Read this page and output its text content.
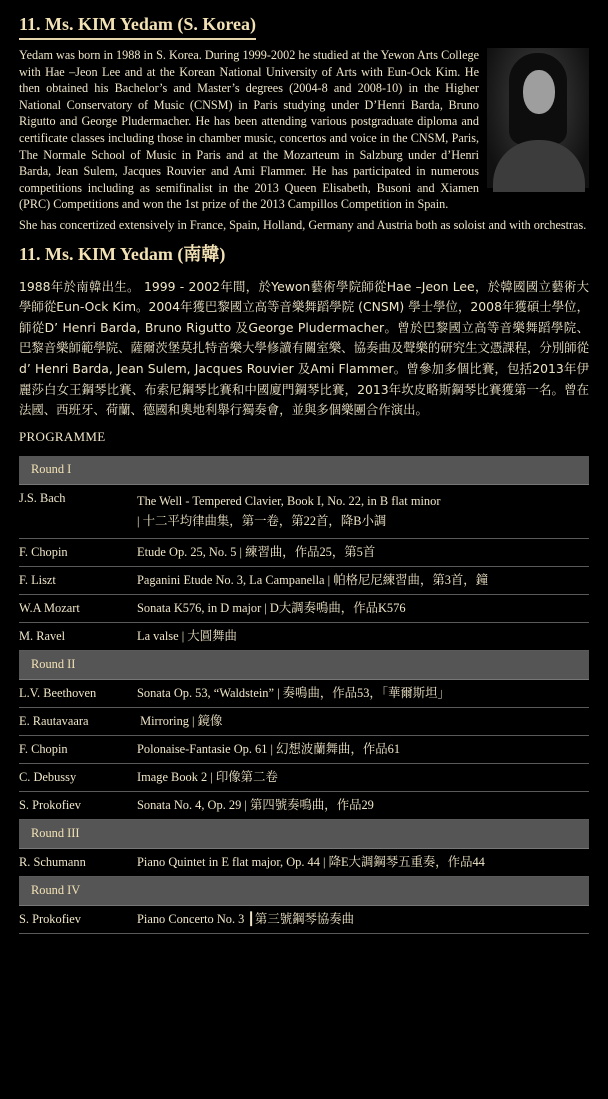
11. Ms. KIM Yedam (S. Korea)
Yedam was born in 1988 in S. Korea. During 1999-2002 he studied at the Yewon Arts College with Hae –Jeon Lee and at the Korean National University of Arts with Eun-Ock Kim. He then obtained his Bachelor’s and Master’s degrees (2004-8 and 2008-10) in the Higher National Conservatory of Music (CNSM) in Paris studying under D’Henri Barda, Bruno Rigutto and George Pludermacher. He has been attending various postgraduate diploma and certificate classes including those in chamber music, concertos and voice in the CNSM, Paris, The Normale School of Music in Paris and at the Mozarteum in Salzburg under d’Henri Barda, Jean Sulem, Jacques Rouvier and Ami Flammer. He has participated in numerous competitions including as semifinalist in the 2013 Queen Elisabeth, Busoni and Xiamen (PRC) Competitions and won the 1st prize of the 2013 Campillos Competition in Spain.
She has concertized extensively in France, Spain, Holland, Germany and Austria both as soloist and with orchestras.
11. Ms. KIM Yedam (南韓)
1988年於南韓出生。 1999 - 2002年間，於Yewon藝術學院師從Hae –Jeon Lee，於韓國國立藝術大學師從Eun-Ock Kim。2004年獲巴黎國立高等音樂舞蹈學院 (CNSM) 學士學位，2008年獲碩士學位，師從D’ Henri Barda, Bruno Rigutto 及George Pludermacher。曾於巴黎國立高等音樂舞蹈學院、巴黎音樂師範學院、薩爾茨堡莫扎特音樂大學修讀有關室樂、協奏曲及聲樂的研究生文憑課程，分別師從d’ Henri Barda, Jean Sulem, Jacques Rouvier 及Ami Flammer。曾參加多個比賽，包括2013年伊麗莎白女王鋼琴比賽、布索尼鋼琴比賽和中國廈門鋼琴比賽，2013年坎皮略斯鋼琴比賽獲第一名。曾在法國、西班牙、荷蘭、德國和奧地利舉行獨奏會，並與多個樂團合作演出。
PROGRAMME
Round I	
J.S. Bach	The Well - Tempered Clavier, Book I, No. 22, in B flat minor
| 十二平均律曲集，第一卷，第22首，降B小調

F. Chopin	Etude Op. 25, No. 5 | 練習曲，作品25，第5首
F. Liszt	Paganini Etude No. 3, La Campanella | 帕格尼尼練習曲，第3首，鐘
W.A Mozart	Sonata K576, in D major | D大調奏鳴曲，作品K576
M. Ravel	La valse | 大圓舞曲
Round II	
L.V. Beethoven	Sonata Op. 53, “Waldstein” | 奏鳴曲，作品53，「華爾斯坦」
E. Rautavaara	Mirroring | 鏡像
F. Chopin	Polonaise-Fantasie Op. 61 | 幻想波蘭舞曲，作品61
C. Debussy	Image Book 2 | 印像第二卷
S. Prokofiev	Sonata No. 4, Op. 29 | 第四號奏鳴曲，作品29
Round III	
R. Schumann	Piano Quintet in E flat major, Op. 44 | 降E大調鋼琴五重奏，作品44
Round IV	
S. Prokofiev	Piano Concerto No. 3 ┃第三號鋼琴協奏曲
